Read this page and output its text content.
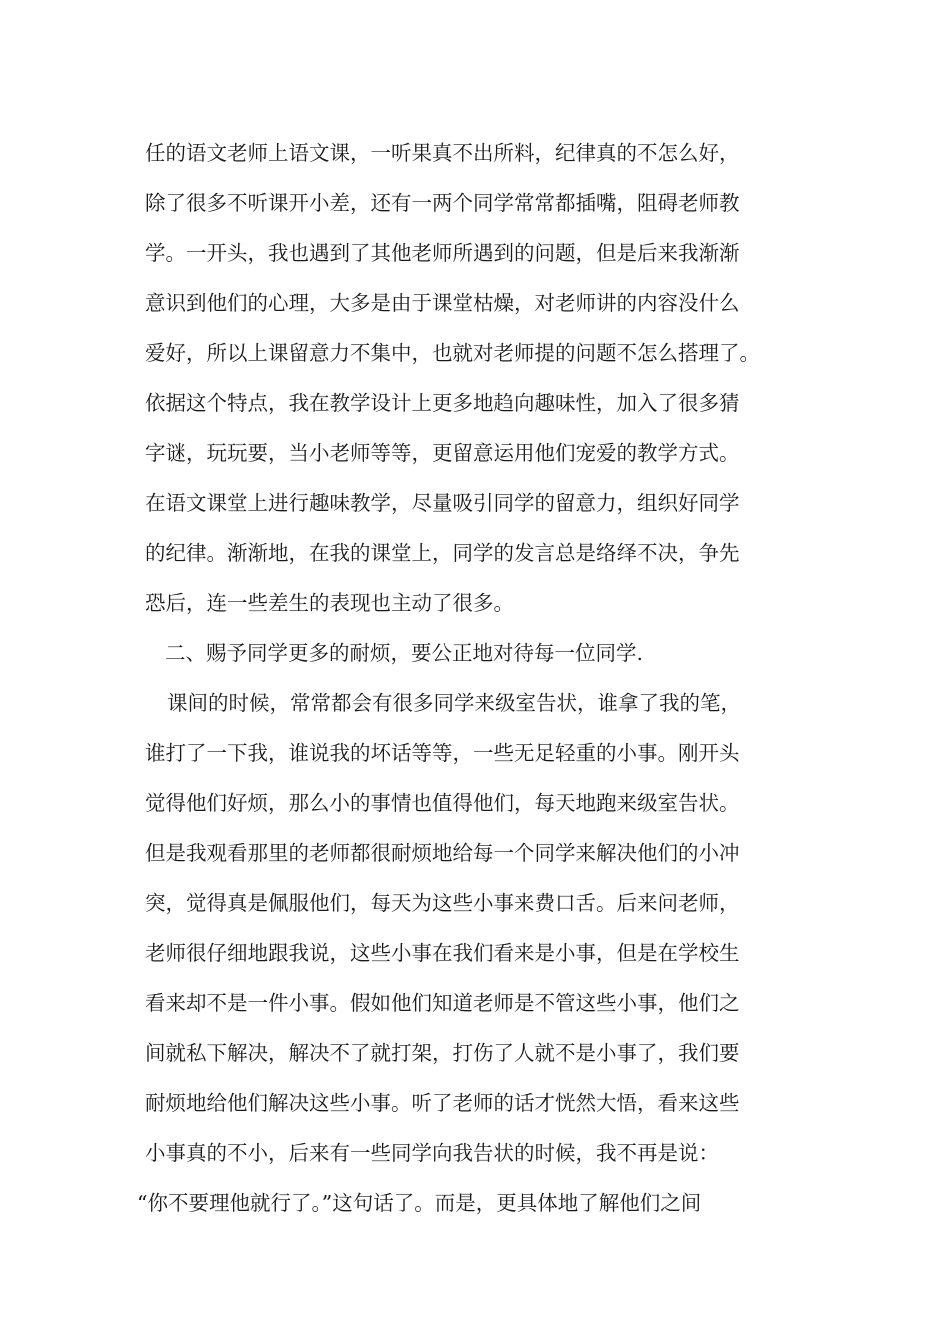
任的语文老师上语文课，一听果真不出所料，纪律真的不怎么好，
除了很多不听课开小差，还有一两个同学常常都插嘴，阻碍老师教
学。一开头，我也遇到了其他老师所遇到的问题，但是后来我渐渐
意识到他们的心理，大多是由于课堂枯燥，对老师讲的内容没什么
爱好，所以上课留意力不集中，也就对老师提的问题不怎么搭理了。
依据这个特点，我在教学设计上更多地趋向趣味性，加入了很多猜
字谜，玩玩要，当小老师等等，更留意运用他们宠爱的教学方式。
在语文课堂上进行趣味教学，尽量吸引同学的留意力，组织好同学
的纪律。渐渐地，在我的课堂上，同学的发言总是络绎不决，争先
恐后，连一些差生的表现也主动了很多。
二、赐予同学更多的耐烦，要公正地对待每一位同学.
课间的时候，常常都会有很多同学来级室告状，谁拿了我的笔，
谁打了一下我，谁说我的坏话等等，一些无足轻重的小事。刚开头
觉得他们好烦，那么小的事情也值得他们，每天地跑来级室告状。
但是我观看那里的老师都很耐烦地给每一个同学来解决他们的小冲
突，觉得真是佩服他们，每天为这些小事来费口舌。后来问老师，
老师很仔细地跟我说，这些小事在我们看来是小事，但是在学校生
看来却不是一件小事。假如他们知道老师是不管这些小事，他们之
间就私下解决，解决不了就打架，打伤了人就不是小事了，我们要
耐烦地给他们解决这些小事。听了老师的话才恍然大悟，看来这些
小事真的不小，后来有一些同学向我告状的时候，我不再是说：
“你不要理他就行了。”这句话了。而是，更具体地了解他们之间
